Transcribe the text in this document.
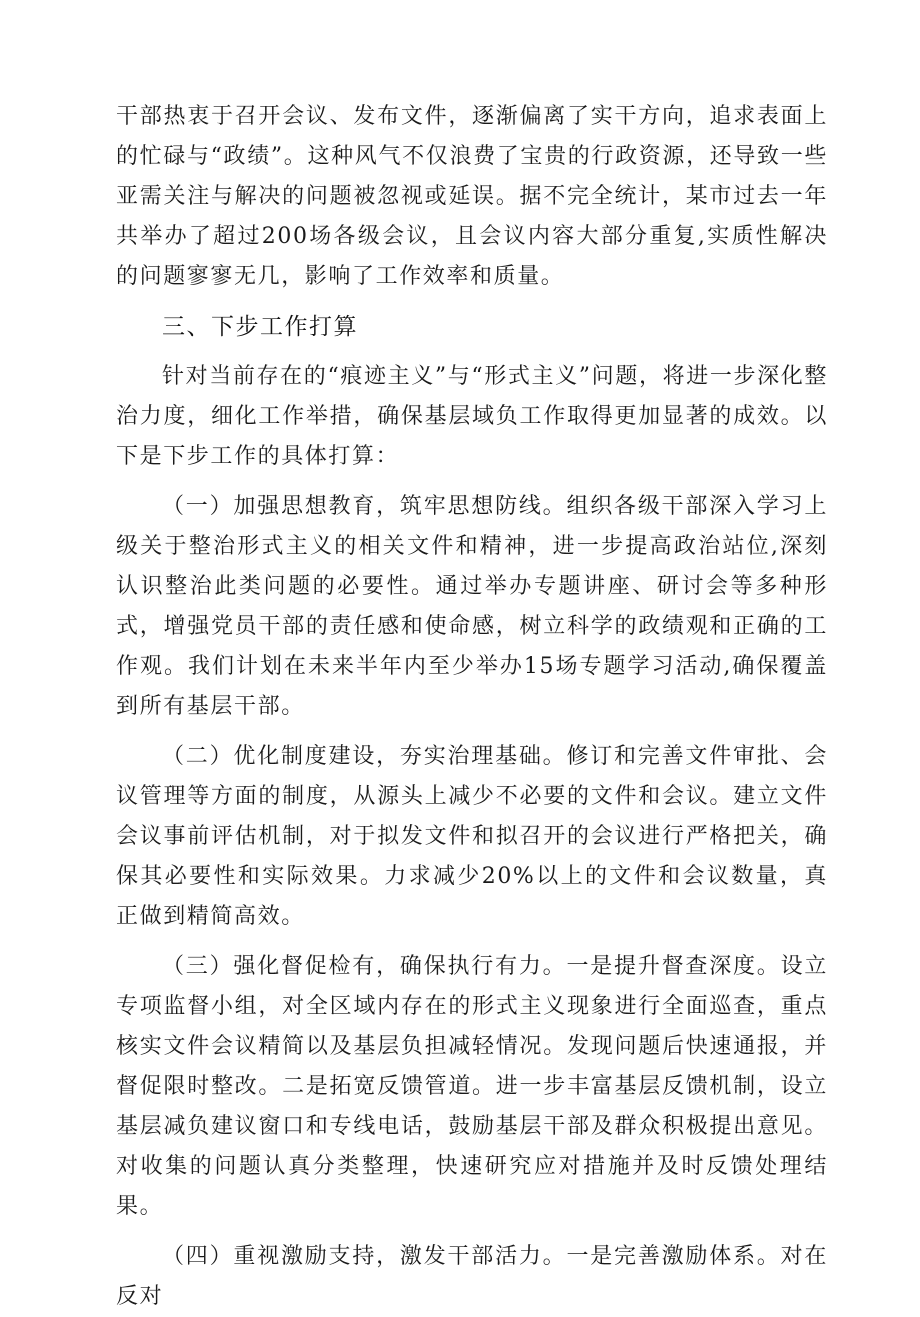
干部热衷于召开会议、发布文件，逐渐偏离了实干方向，追求表面上的忙碌与“政绩”。这种风气不仅浪费了宝贵的行政资源，还导致一些亚需关注与解决的问题被忽视或延误。据不完全统计，某市过去一年共举办了超过200场各级会议，且会议内容大部分重复,实质性解决的问题寥寥无几，影响了工作效率和质量。

三、下步工作打算

针对当前存在的“痕迹主义”与“形式主义”问题，将进一步深化整治力度，细化工作举措，确保基层域负工作取得更加显著的成效。以下是下步工作的具体打算：

（一）加强思想教育，筑牢思想防线。组织各级干部深入学习上级关于整治形式主义的相关文件和精神，进一步提高政治站位,深刻认识整治此类问题的必要性。通过举办专题讲座、研讨会等多种形式，增强党员干部的责任感和使命感，树立科学的政绩观和正确的工作观。我们计划在未来半年内至少举办15场专题学习活动,确保覆盖到所有基层干部。

（二）优化制度建设，夯实治理基础。修订和完善文件审批、会议管理等方面的制度，从源头上减少不必要的文件和会议。建立文件会议事前评估机制，对于拟发文件和拟召开的会议进行严格把关，确保其必要性和实际效果。力求减少20%以上的文件和会议数量，真正做到精简高效。

（三）强化督促检有，确保执行有力。一是提升督查深度。设立专项监督小组，对全区域内存在的形式主义现象进行全面巡查，重点核实文件会议精简以及基层负担减轻情况。发现问题后快速通报，并督促限时整改。二是拓宽反馈管道。进一步丰富基层反馈机制，设立基层减负建议窗口和专线电话，鼓励基层干部及群众积极提出意见。对收集的问题认真分类整理，快速研究应对措施并及时反馈处理结果。

（四）重视激励支持，激发干部活力。一是完善激励体系。对在反对
